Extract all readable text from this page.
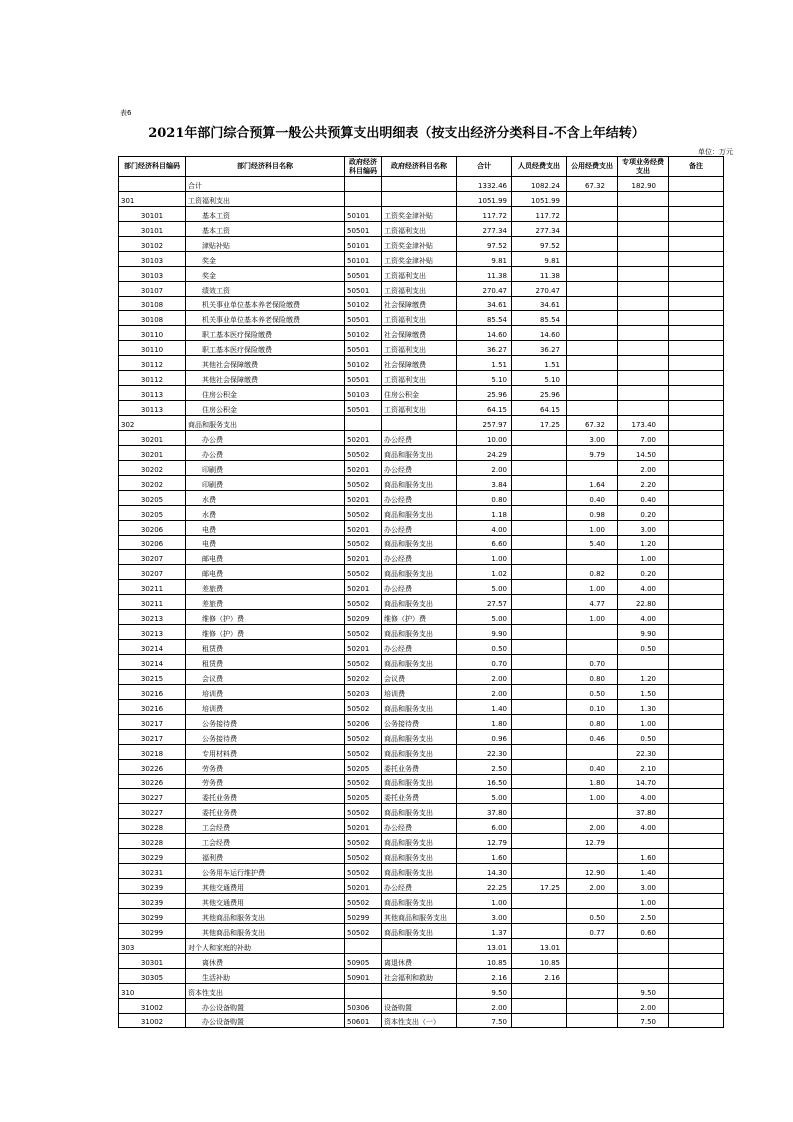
表6
2021年部门综合预算一般公共预算支出明细表（按支出经济分类科目-不含上年结转）
单位：万元
部门经济科目编码	部门经济科目名称	政府经济科目编码	政府经济科目名称	合计	人员经费支出	公用经费支出	专项业务经费支出	备注
	合计			1332.46	1082.24	67.32	182.90	
301	工资福利支出			1051.99	1051.99			
30101	基本工资	50101	工资奖金津补贴	117.72	117.72			
30101	基本工资	50501	工资福利支出	277.34	277.34			
30102	津贴补贴	50101	工资奖金津补贴	97.52	97.52			
30103	奖金	50101	工资奖金津补贴	9.81	9.81			
30103	奖金	50501	工资福利支出	11.38	11.38			
30107	绩效工资	50501	工资福利支出	270.47	270.47			
30108	机关事业单位基本养老保险缴费	50102	社会保障缴费	34.61	34.61			
30108	机关事业单位基本养老保险缴费	50501	工资福利支出	85.54	85.54			
30110	职工基本医疗保险缴费	50102	社会保障缴费	14.60	14.60			
30110	职工基本医疗保险缴费	50501	工资福利支出	36.27	36.27			
30112	其他社会保障缴费	50102	社会保障缴费	1.51	1.51			
30112	其他社会保障缴费	50501	工资福利支出	5.10	5.10			
30113	住房公积金	50103	住房公积金	25.96	25.96			
30113	住房公积金	50501	工资福利支出	64.15	64.15			
302	商品和服务支出			257.97	17.25	67.32	173.40	
30201	办公费	50201	办公经费	10.00		3.00	7.00	
30201	办公费	50502	商品和服务支出	24.29		9.79	14.50	
30202	印刷费	50201	办公经费	2.00			2.00	
30202	印刷费	50502	商品和服务支出	3.84		1.64	2.20	
30205	水费	50201	办公经费	0.80		0.40	0.40	
30205	水费	50502	商品和服务支出	1.18		0.98	0.20	
30206	电费	50201	办公经费	4.00		1.00	3.00	
30206	电费	50502	商品和服务支出	6.60		5.40	1.20	
30207	邮电费	50201	办公经费	1.00			1.00	
30207	邮电费	50502	商品和服务支出	1.02		0.82	0.20	
30211	差旅费	50201	办公经费	5.00		1.00	4.00	
30211	差旅费	50502	商品和服务支出	27.57		4.77	22.80	
30213	维修（护）费	50209	维修（护）费	5.00		1.00	4.00	
30213	维修（护）费	50502	商品和服务支出	9.90			9.90	
30214	租赁费	50201	办公经费	0.50			0.50	
30214	租赁费	50502	商品和服务支出	0.70		0.70		
30215	会议费	50202	会议费	2.00		0.80	1.20	
30216	培训费	50203	培训费	2.00		0.50	1.50	
30216	培训费	50502	商品和服务支出	1.40		0.10	1.30	
30217	公务接待费	50206	公务接待费	1.80		0.80	1.00	
30217	公务接待费	50502	商品和服务支出	0.96		0.46	0.50	
30218	专用材料费	50502	商品和服务支出	22.30			22.30	
30226	劳务费	50205	委托业务费	2.50		0.40	2.10	
30226	劳务费	50502	商品和服务支出	16.50		1.80	14.70	
30227	委托业务费	50205	委托业务费	5.00		1.00	4.00	
30227	委托业务费	50502	商品和服务支出	37.80			37.80	
30228	工会经费	50201	办公经费	6.00		2.00	4.00	
30228	工会经费	50502	商品和服务支出	12.79		12.79		
30229	福利费	50502	商品和服务支出	1.60			1.60	
30231	公务用车运行维护费	50502	商品和服务支出	14.30		12.90	1.40	
30239	其他交通费用	50201	办公经费	22.25	17.25	2.00	3.00	
30239	其他交通费用	50502	商品和服务支出	1.00			1.00	
30299	其他商品和服务支出	50299	其他商品和服务支出	3.00		0.50	2.50	
30299	其他商品和服务支出	50502	商品和服务支出	1.37		0.77	0.60	
303	对个人和家庭的补助			13.01	13.01			
30301	离休费	50905	离退休费	10.85	10.85			
30305	生活补助	50901	社会福利和救助	2.16	2.16			
310	资本性支出			9.50			9.50	
31002	办公设备购置	50306	设备购置	2.00			2.00	
31002	办公设备购置	50601	资本性支出（一）	7.50			7.50	
